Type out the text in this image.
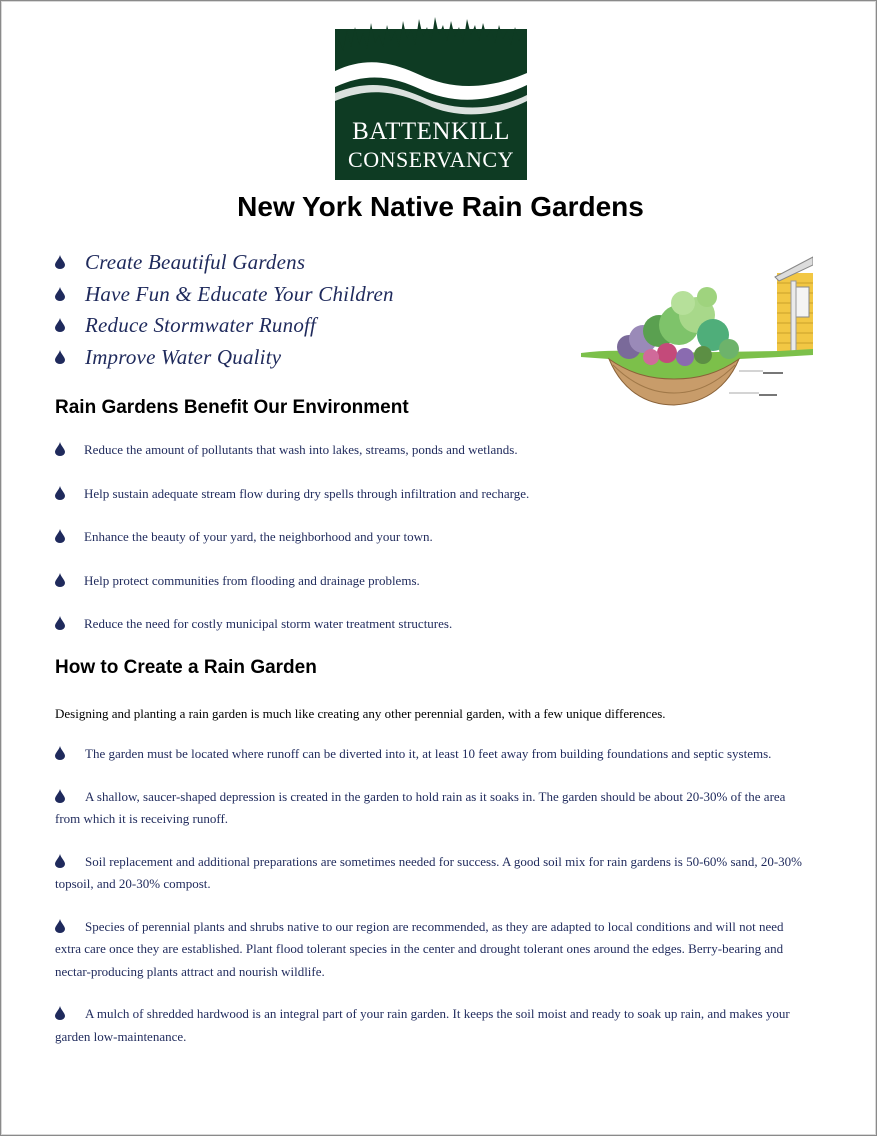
BATTENKILL
CONSERVANCY
New York Native Rain Gardens
Create Beautiful Gardens
Have Fun & Educate Your Children
Reduce Stormwater Runoff
Improve Water Quality
Rain Gardens Benefit Our Environment
Reduce the amount of pollutants that wash into lakes, streams, ponds and wetlands.
Help sustain adequate stream flow during dry spells through infiltration and recharge.
Enhance the beauty of your yard, the neighborhood and your town.
Help protect communities from flooding and drainage problems.
Reduce the need for costly municipal storm water treatment structures.
How to Create a Rain Garden

Designing and planting a rain garden is much like creating any other perennial garden, with a few unique differences.

The garden must be located where runoff can be diverted into it, at least 10 feet away from building foundations and septic systems.
A shallow, saucer-shaped depression is created in the garden to hold rain as it soaks in. The garden should be about 20-30% of the area from which it is receiving runoff.
Soil replacement and additional preparations are sometimes needed for success. A good soil mix for rain gardens is 50-60% sand, 20-30% topsoil, and 20-30% compost.
Species of perennial plants and shrubs native to our region are recommended, as they are adapted to local conditions and will not need extra care once they are established. Plant flood tolerant species in the center and drought tolerant ones around the edges. Berry-bearing and nectar-producing plants attract and nourish wildlife.
A mulch of shredded hardwood is an integral part of your rain garden. It keeps the soil moist and ready to soak up rain, and makes your garden low-maintenance.
